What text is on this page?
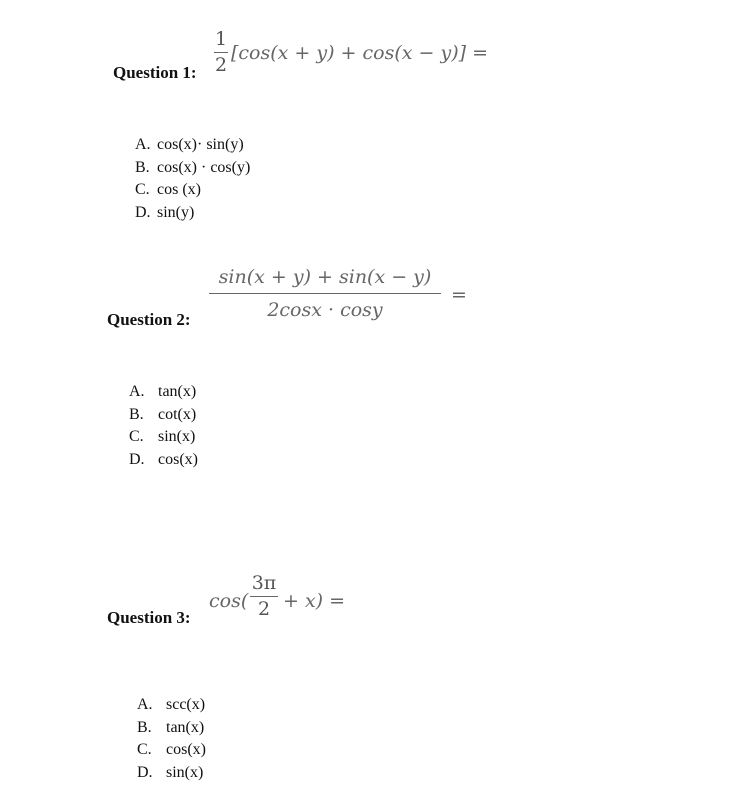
Question 1:
1
2
[cos(x + y) + cos(x − y)] =
A. cos(x)· sin(y)
B. cos(x) · cos(y)
C. cos (x)
D. sin(y)
Question 2:
sin(x + y) + sin(x − y)
2cosx · cosy
=
A. tan(x)
B. cot(x)
C. sin(x)
D. cos(x)
Question 3:
cos(
3π
2 + x) =
A. scc(x)
B. tan(x)
C. cos(x)
D. sin(x)
